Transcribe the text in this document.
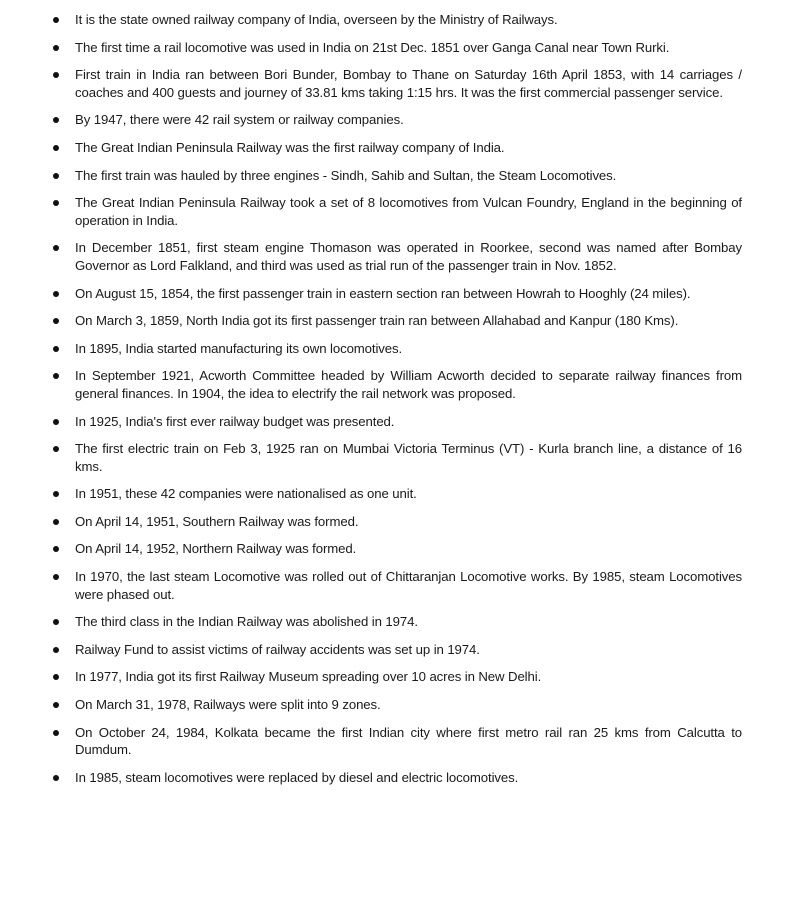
It is the state owned railway company of India, overseen by the Ministry of Railways.
The first time a rail locomotive was used in India on 21st Dec. 1851 over Ganga Canal near Town Rurki.
First train in India ran between Bori Bunder, Bombay to Thane on Saturday 16th April 1853, with 14 carriages / coaches and 400 guests and journey of 33.81 kms taking 1:15 hrs. It was the first commercial passenger service.
By 1947, there were 42 rail system or railway companies.
The Great Indian Peninsula Railway was the first railway company of India.
The first train was hauled by three engines - Sindh, Sahib and Sultan, the Steam Locomotives.
The Great Indian Peninsula Railway took a set of 8 locomotives from Vulcan Foundry, England in the beginning of operation in India.
In December 1851, first steam engine Thomason was operated in Roorkee, second was named after Bombay Governor as Lord Falkland, and third was used as trial run of the passenger train in Nov. 1852.
On August 15, 1854, the first passenger train in eastern section ran between Howrah to Hooghly (24 miles).
On March 3, 1859, North India got its first passenger train ran between Allahabad and Kanpur (180 Kms).
In 1895, India started manufacturing its own locomotives.
In September 1921, Acworth Committee headed by William Acworth decided to separate railway finances from general finances. In 1904, the idea to electrify the rail network was proposed.
In 1925, India's first ever railway budget was presented.
The first electric train on Feb 3, 1925 ran on Mumbai Victoria Terminus (VT) - Kurla branch line, a distance of 16 kms.
In 1951, these 42 companies were nationalised as one unit.
On April 14, 1951, Southern Railway was formed.
On April 14, 1952, Northern Railway was formed.
In 1970, the last steam Locomotive was rolled out of Chittaranjan Locomotive works. By 1985, steam Locomotives were phased out.
The third class in the Indian Railway was abolished in 1974.
Railway Fund to assist victims of railway accidents was set up in 1974.
In 1977, India got its first Railway Museum spreading over 10 acres in New Delhi.
On March 31, 1978, Railways were split into 9 zones.
On October 24, 1984, Kolkata became the first Indian city where first metro rail ran 25 kms from Calcutta to Dumdum.
In 1985, steam locomotives were replaced by diesel and electric locomotives.
